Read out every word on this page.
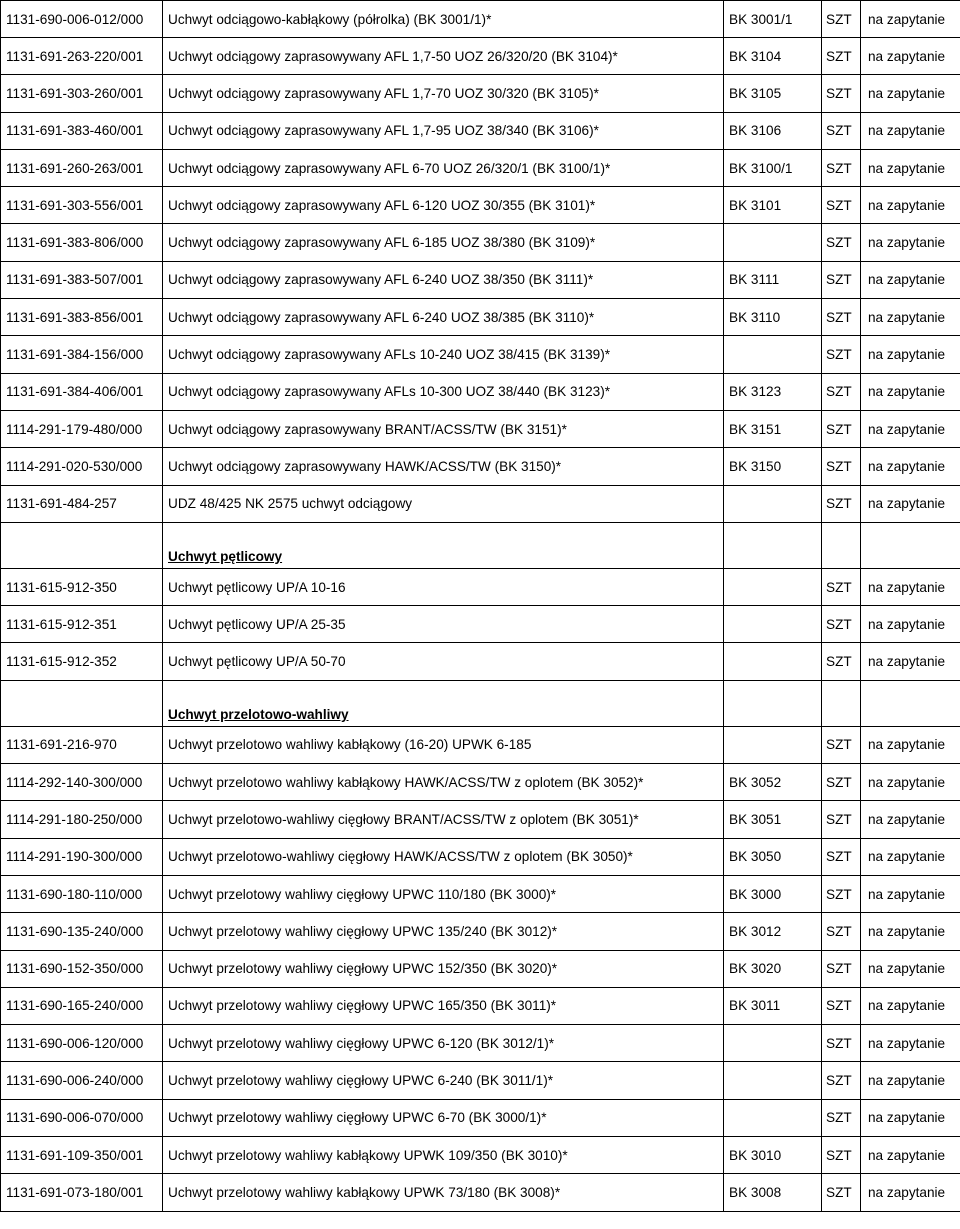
1131-690-006-012/000	Uchwyt odciągowo-kabłąkowy (półrolka) (BK 3001/1)*	BK 3001/1	SZT	na zapytanie
1131-691-263-220/001	Uchwyt odciągowy zaprasowywany AFL 1,7-50 UOZ 26/320/20 (BK 3104)*	BK 3104	SZT	na zapytanie
1131-691-303-260/001	Uchwyt odciągowy zaprasowywany AFL 1,7-70 UOZ 30/320 (BK 3105)*	BK 3105	SZT	na zapytanie
1131-691-383-460/001	Uchwyt odciągowy zaprasowywany AFL 1,7-95 UOZ 38/340 (BK 3106)*	BK 3106	SZT	na zapytanie
1131-691-260-263/001	Uchwyt odciągowy zaprasowywany AFL 6-70 UOZ 26/320/1 (BK 3100/1)*	BK 3100/1	SZT	na zapytanie
1131-691-303-556/001	Uchwyt odciągowy zaprasowywany AFL 6-120 UOZ 30/355 (BK 3101)*	BK 3101	SZT	na zapytanie
1131-691-383-806/000	Uchwyt odciągowy zaprasowywany AFL 6-185 UOZ 38/380 (BK 3109)*		SZT	na zapytanie
1131-691-383-507/001	Uchwyt odciągowy zaprasowywany AFL 6-240 UOZ 38/350 (BK 3111)*	BK 3111	SZT	na zapytanie
1131-691-383-856/001	Uchwyt odciągowy zaprasowywany AFL 6-240 UOZ 38/385 (BK 3110)*	BK 3110	SZT	na zapytanie
1131-691-384-156/000	Uchwyt odciągowy zaprasowywany AFLs 10-240 UOZ 38/415 (BK 3139)*		SZT	na zapytanie
1131-691-384-406/001	Uchwyt odciągowy zaprasowywany AFLs 10-300 UOZ 38/440 (BK 3123)*	BK 3123	SZT	na zapytanie
1114-291-179-480/000	Uchwyt odciągowy zaprasowywany BRANT/ACSS/TW (BK 3151)*	BK 3151	SZT	na zapytanie
1114-291-020-530/000	Uchwyt odciągowy zaprasowywany HAWK/ACSS/TW (BK 3150)*	BK 3150	SZT	na zapytanie
1131-691-484-257	UDZ 48/425 NK 2575 uchwyt odciągowy		SZT	na zapytanie
	Uchwyt pętlicowy			
1131-615-912-350	Uchwyt pętlicowy UP/A 10-16		SZT	na zapytanie
1131-615-912-351	Uchwyt pętlicowy UP/A 25-35		SZT	na zapytanie
1131-615-912-352	Uchwyt pętlicowy UP/A 50-70		SZT	na zapytanie
	Uchwyt przelotowo-wahliwy			
1131-691-216-970	Uchwyt przelotowo wahliwy kabłąkowy (16-20) UPWK 6-185		SZT	na zapytanie
1114-292-140-300/000	Uchwyt przelotowo wahliwy kabłąkowy HAWK/ACSS/TW z oplotem (BK 3052)*	BK 3052	SZT	na zapytanie
1114-291-180-250/000	Uchwyt przelotowo-wahliwy cięgłowy BRANT/ACSS/TW z oplotem (BK 3051)*	BK 3051	SZT	na zapytanie
1114-291-190-300/000	Uchwyt przelotowo-wahliwy cięgłowy HAWK/ACSS/TW z oplotem (BK 3050)*	BK 3050	SZT	na zapytanie
1131-690-180-110/000	Uchwyt przelotowy wahliwy cięgłowy UPWC 110/180 (BK 3000)*	BK 3000	SZT	na zapytanie
1131-690-135-240/000	Uchwyt przelotowy wahliwy cięgłowy UPWC 135/240 (BK 3012)*	BK 3012	SZT	na zapytanie
1131-690-152-350/000	Uchwyt przelotowy wahliwy cięgłowy UPWC 152/350 (BK 3020)*	BK 3020	SZT	na zapytanie
1131-690-165-240/000	Uchwyt przelotowy wahliwy cięgłowy UPWC 165/350 (BK 3011)*	BK 3011	SZT	na zapytanie
1131-690-006-120/000	Uchwyt przelotowy wahliwy cięgłowy UPWC 6-120 (BK 3012/1)*		SZT	na zapytanie
1131-690-006-240/000	Uchwyt przelotowy wahliwy cięgłowy UPWC 6-240 (BK 3011/1)*		SZT	na zapytanie
1131-690-006-070/000	Uchwyt przelotowy wahliwy cięgłowy UPWC 6-70 (BK 3000/1)*		SZT	na zapytanie
1131-691-109-350/001	Uchwyt przelotowy wahliwy kabłąkowy UPWK 109/350 (BK 3010)*	BK 3010	SZT	na zapytanie
1131-691-073-180/001	Uchwyt przelotowy wahliwy kabłąkowy UPWK 73/180 (BK 3008)*	BK 3008	SZT	na zapytanie
